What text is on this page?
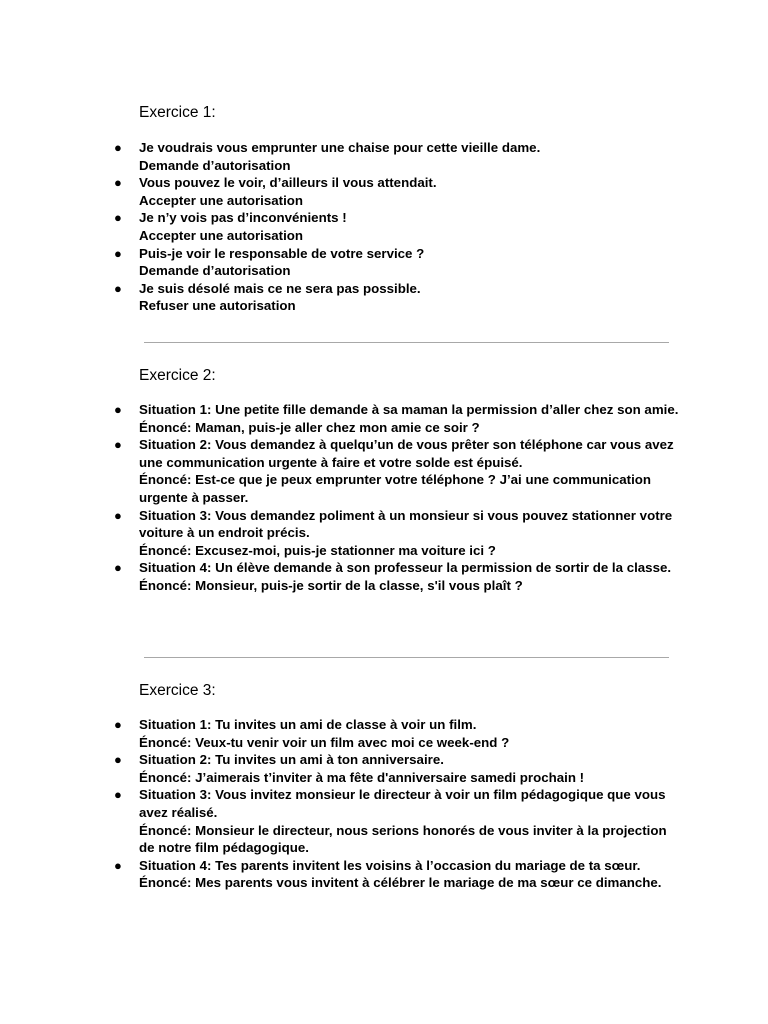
Exercice 1:
● Je voudrais vous emprunter une chaise pour cette vieille dame.
Demande d’autorisation
● Vous pouvez le voir, d’ailleurs il vous attendait.
Accepter une autorisation
● Je n’y vois pas d’inconvénients !
Accepter une autorisation
● Puis-je voir le responsable de votre service ?
Demande d’autorisation
● Je suis désolé mais ce ne sera pas possible.
Refuser une autorisation
Exercice 2:
● Situation 1: Une petite fille demande à sa maman la permission d’aller chez son amie.
Énoncé: Maman, puis-je aller chez mon amie ce soir ?
● Situation 2: Vous demandez à quelqu’un de vous prêter son téléphone car vous avez une communication urgente à faire et votre solde est épuisé.
Énoncé: Est-ce que je peux emprunter votre téléphone ? J’ai une communication urgente à passer.
● Situation 3: Vous demandez poliment à un monsieur si vous pouvez stationner votre voiture à un endroit précis.
Énoncé: Excusez-moi, puis-je stationner ma voiture ici ?
● Situation 4: Un élève demande à son professeur la permission de sortir de la classe.
Énoncé: Monsieur, puis-je sortir de la classe, s'il vous plaît ?
Exercice 3:
● Situation 1: Tu invites un ami de classe à voir un film.
Énoncé: Veux-tu venir voir un film avec moi ce week-end ?
● Situation 2: Tu invites un ami à ton anniversaire.
Énoncé: J’aimerais t’inviter à ma fête d'anniversaire samedi prochain !
● Situation 3: Vous invitez monsieur le directeur à voir un film pédagogique que vous avez réalisé.
Énoncé: Monsieur le directeur, nous serions honorés de vous inviter à la projection de notre film pédagogique.
● Situation 4: Tes parents invitent les voisins à l’occasion du mariage de ta sœur.
Énoncé: Mes parents vous invitent à célébrer le mariage de ma sœur ce dimanche.
